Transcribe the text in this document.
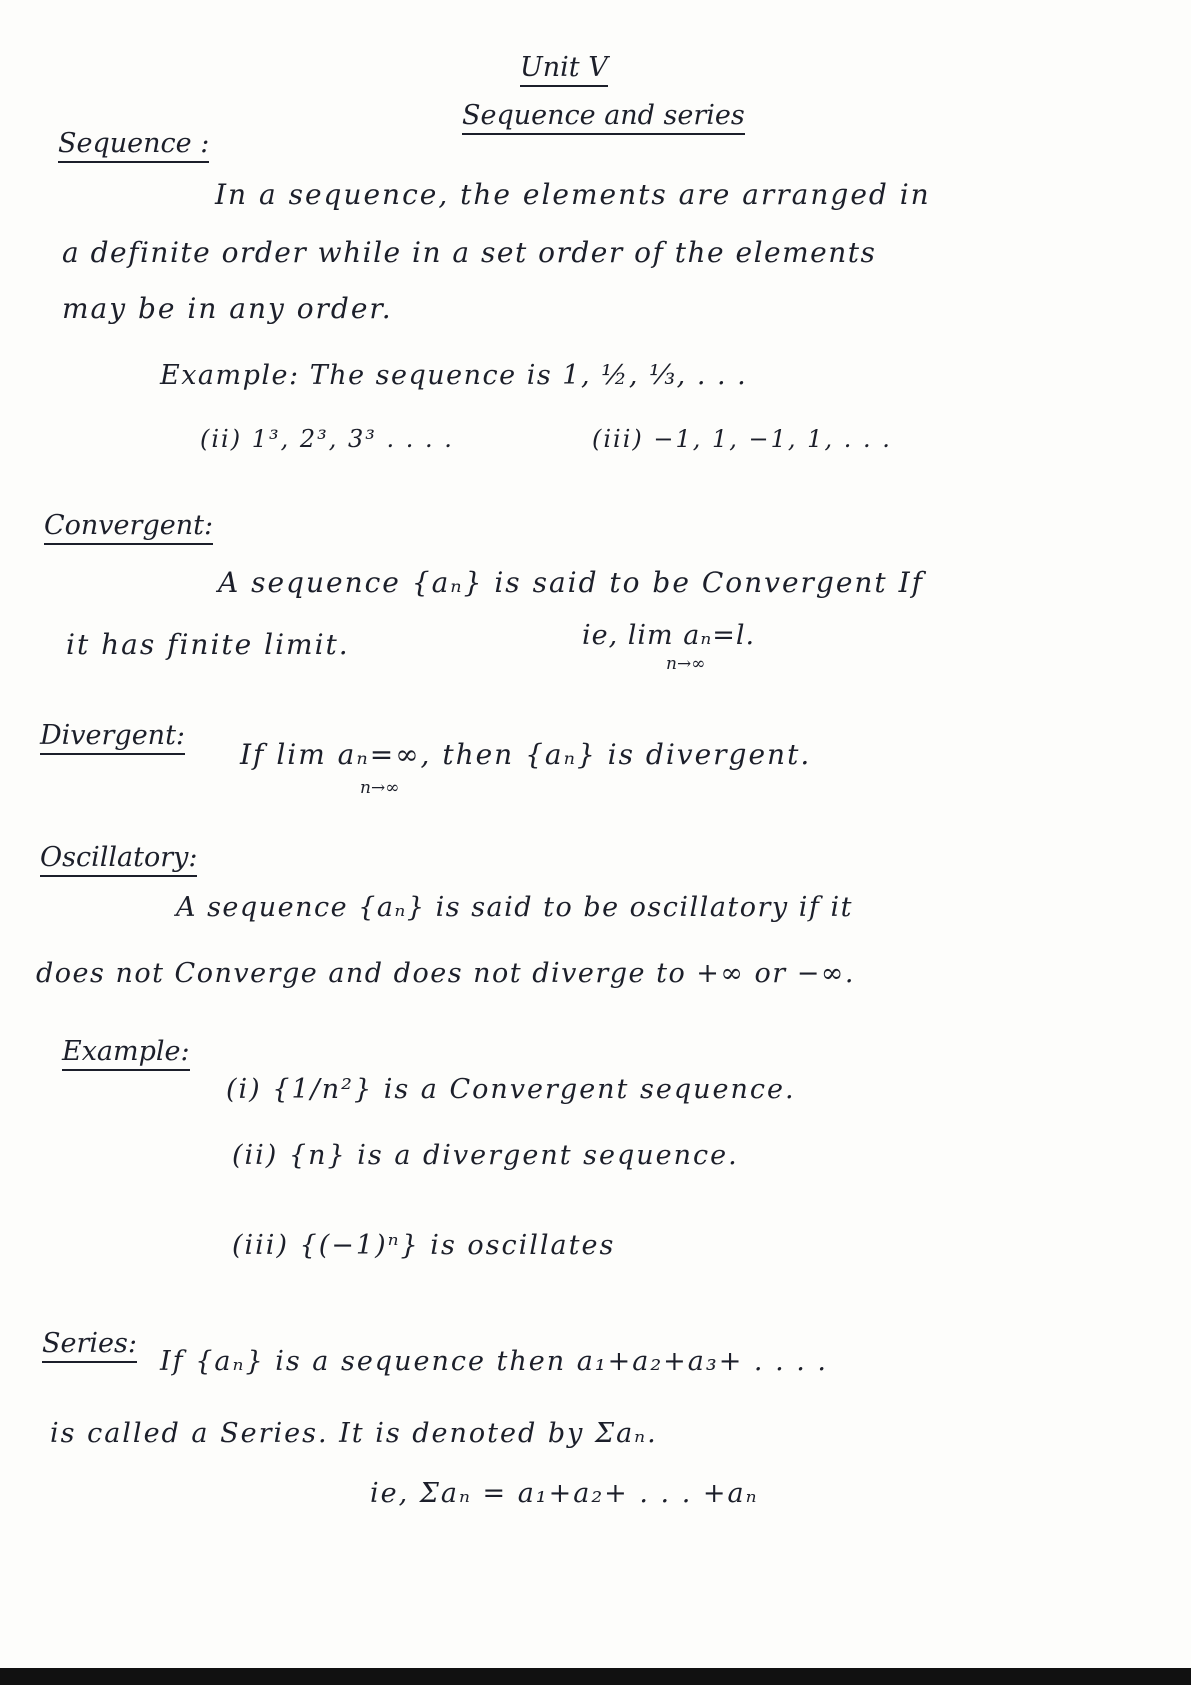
Unit V
Sequence and series
Sequence :
In a sequence, the elements are arranged in
a definite order while in a set order of the elements
may be in any order.
Example: The sequence is 1, ½, ⅓, . . .
(ii) 1³, 2³, 3³ . . . .	(iii) −1, 1, −1, 1, . . .
Convergent:
A sequence {aₙ} is said to be Convergent If
it has finite limit.	ie, lim aₙ=l.
n→∞
Divergent:
If lim aₙ=∞, then {aₙ} is divergent.
n→∞
Oscillatory:
A sequence {aₙ} is said to be oscillatory if it
does not Converge and does not diverge to +∞ or −∞.
Example:
(i) {1/n²} is a Convergent sequence.
(ii) {n} is a divergent sequence.
(iii) {(−1)ⁿ} is oscillates
Series:
If {aₙ} is a sequence then a₁+a₂+a₃+ . . . .
is called a Series. It is denoted by Σaₙ.
ie, Σaₙ = a₁+a₂+ . . . +aₙ
